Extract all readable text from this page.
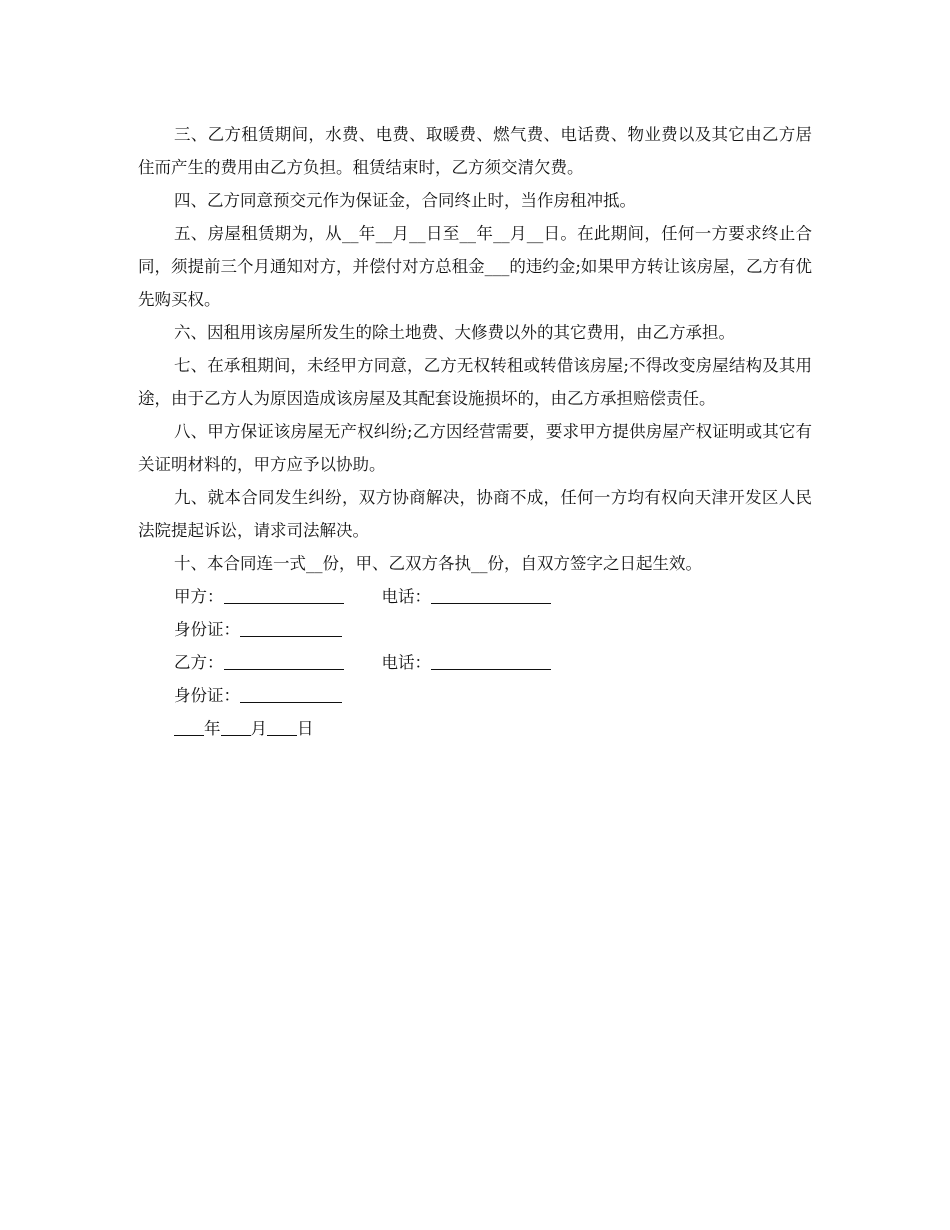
三、乙方租赁期间，水费、电费、取暖费、燃气费、电话费、物业费以及其它由乙方居住而产生的费用由乙方负担。租赁结束时，乙方须交清欠费。

四、乙方同意预交元作为保证金，合同终止时，当作房租冲抵。

五、房屋租赁期为，从__年__月__日至__年__月__日。在此期间，任何一方要求终止合同，须提前三个月通知对方，并偿付对方总租金___的违约金;如果甲方转让该房屋，乙方有优先购买权。

六、因租用该房屋所发生的除土地费、大修费以外的其它费用，由乙方承担。

七、在承租期间，未经甲方同意，乙方无权转租或转借该房屋;不得改变房屋结构及其用途，由于乙方人为原因造成该房屋及其配套设施损坏的，由乙方承担赔偿责任。

八、甲方保证该房屋无产权纠纷;乙方因经营需要，要求甲方提供房屋产权证明或其它有关证明材料的，甲方应予以协助。

九、就本合同发生纠纷，双方协商解决，协商不成，任何一方均有权向天津开发区人民法院提起诉讼，请求司法解决。

十、本合同连一式__份，甲、乙双方各执__份，自双方签字之日起生效。

甲方：	电话：
身份证：
乙方：	电话：
身份证：
年 月 日
